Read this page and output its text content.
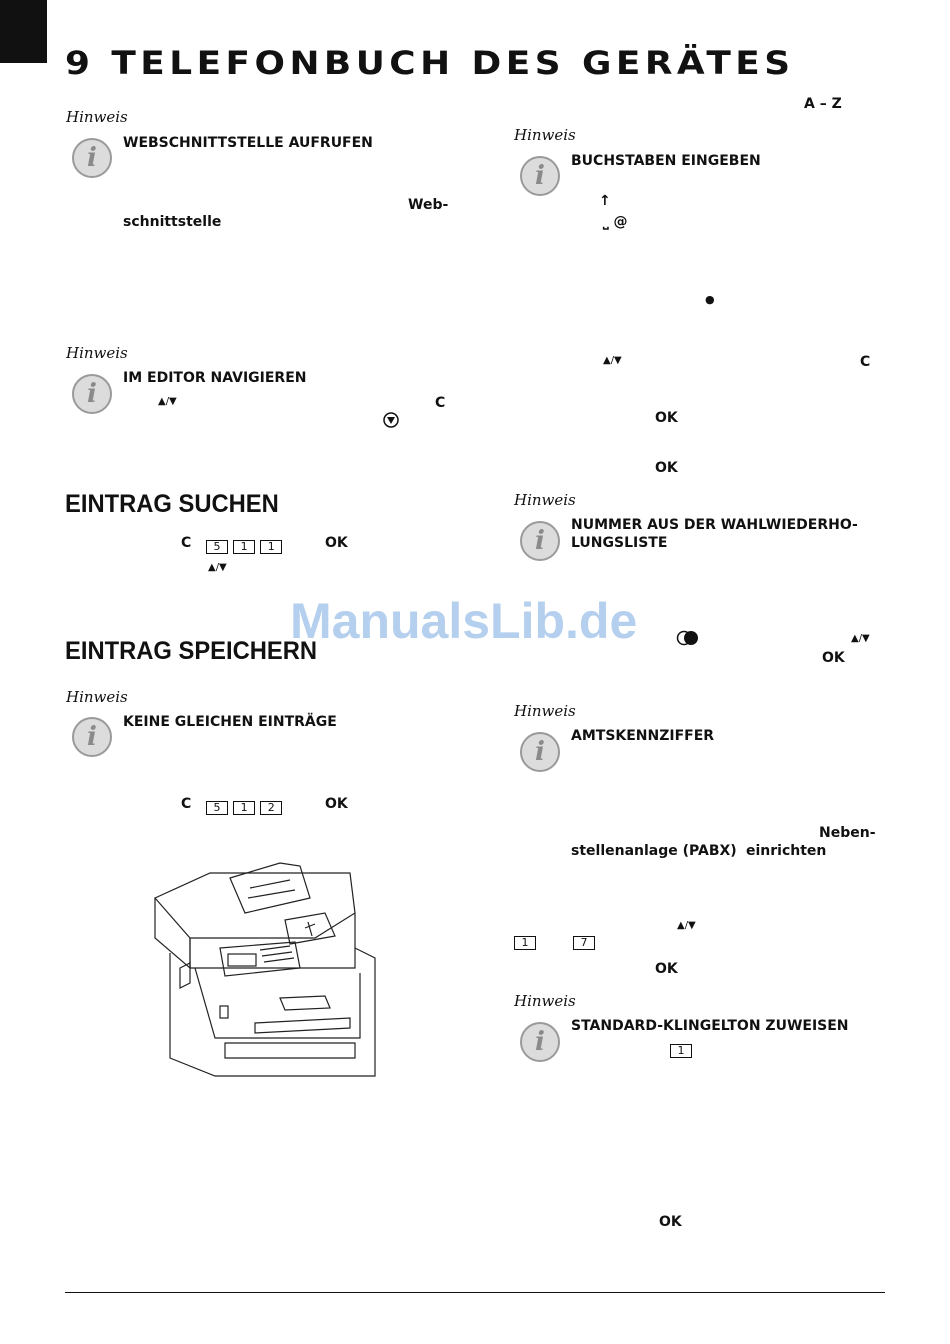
9 TELEFONBUCH DES GERÄTES
Hinweis
i	WEBSCHNITTSTELLE AUFRUFEN
Web-
schnittstelle
Hinweis
i
IM EDITOR NAVIGIEREN
▲/▼	C
EINTRAG SUCHEN
C	5 1 1	OK
▲/▼
EINTRAG SPEICHERN
Hinweis
i	KEINE GLEICHEN EINTRÄGE
C	5 1 2	OK
A – Z
Hinweis
i	BUCHSTABEN EINGEBEN
↑
⎵ @
●
▲/▼	C
OK
OK
Hinweis
i
NUMMER AUS DER WAHLWIEDERHO-
LUNGSLISTE
▲/▼
OK
Hinweis
i
AMTSKENNZIFFER
Neben-
stellenanlage (PABX) einrichten
▲/▼
1	7
OK
Hinweis
i
STANDARD-KLINGELTON ZUWEISEN
1
OK
ManualsLib.de
